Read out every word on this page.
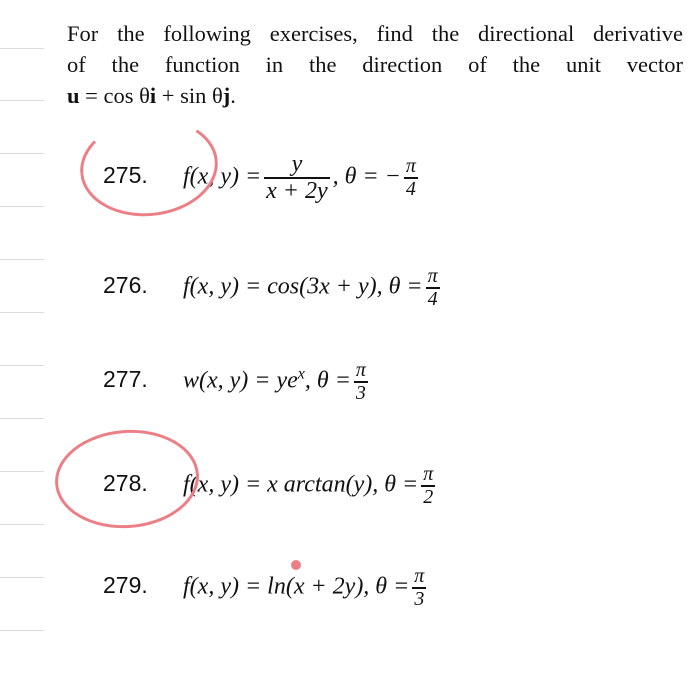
For the following exercises, find the directional derivative
of the function in the direction of the unit vector
u = cos θi + sin θj.
275. f(x, $y) = \frac{y}{x + 2y}$ , θ = − $\frac{\pi}{4}$
276. f(x, y) = cos(3x + y), $\theta = \frac{\pi}{4}$
277. w(x, $y) = ye^x$, $\theta = \frac{\pi}{3}$
278. f(x, y) = x arctan(y), $\theta = \frac{\pi}{2}$
279. f(x, y) = ln(x + 2y), $\theta = \frac{\pi}{3}$
